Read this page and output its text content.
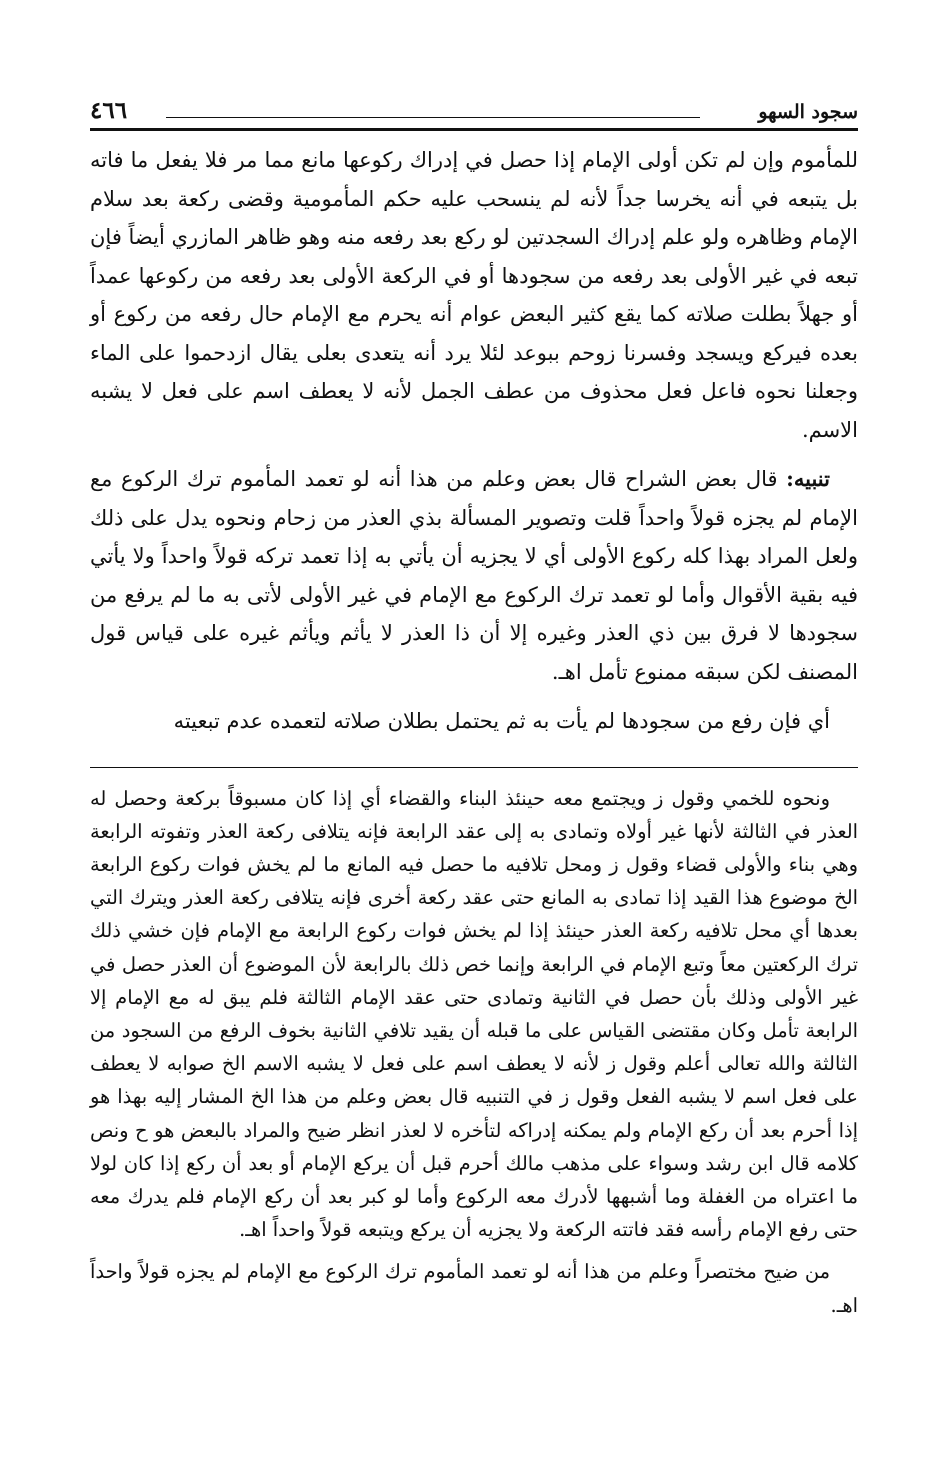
سجود السهو
٤٦٦

للمأموم وإن لم تكن أولى الإمام إذا حصل في إدراك ركوعها مانع مما مر فلا يفعل ما فاته بل يتبعه في أنه يخرسا جداً لأنه لم ينسحب عليه حكم المأمومية وقضى ركعة بعد سلام الإمام وظاهره ولو علم إدراك السجدتين لو ركع بعد رفعه منه وهو ظاهر المازري أيضاً فإن تبعه في غير الأولى بعد رفعه من سجودها أو في الركعة الأولى بعد رفعه من ركوعها عمداً أو جهلاً بطلت صلاته كما يقع كثير البعض عوام أنه يحرم مع الإمام حال رفعه من ركوع أو بعده فيركع ويسجد وفسرنا زوحم ببوعد لئلا يرد أنه يتعدى بعلى يقال ازدحموا على الماء وجعلنا نحوه فاعل فعل محذوف من عطف الجمل لأنه لا يعطف اسم على فعل لا يشبه الاسم.

تنبيه: قال بعض الشراح قال بعض وعلم من هذا أنه لو تعمد المأموم ترك الركوع مع الإمام لم يجزه قولاً واحداً قلت وتصوير المسألة بذي العذر من زحام ونحوه يدل على ذلك ولعل المراد بهذا كله ركوع الأولى أي لا يجزيه أن يأتي به إذا تعمد تركه قولاً واحداً ولا يأتي فيه بقية الأقوال وأما لو تعمد ترك الركوع مع الإمام في غير الأولى لأتى به ما لم يرفع من سجودها لا فرق بين ذي العذر وغيره إلا أن ذا العذر لا يأثم ويأثم غيره على قياس قول المصنف لكن سبقه ممنوع تأمل اهـ.

أي فإن رفع من سجودها لم يأت به ثم يحتمل بطلان صلاته لتعمده عدم تبعيته

ونحوه للخمي وقول ز ويجتمع معه حينئذ البناء والقضاء أي إذا كان مسبوقاً بركعة وحصل له العذر في الثالثة لأنها غير أولاه وتمادى به إلى عقد الرابعة فإنه يتلافى ركعة العذر وتفوته الرابعة وهي بناء والأولى قضاء وقول ز ومحل تلافيه ما حصل فيه المانع ما لم يخش فوات ركوع الرابعة الخ موضوع هذا القيد إذا تمادى به المانع حتى عقد ركعة أخرى فإنه يتلافى ركعة العذر ويترك التي بعدها أي محل تلافيه ركعة العذر حينئذ إذا لم يخش فوات ركوع الرابعة مع الإمام فإن خشي ذلك ترك الركعتين معاً وتبع الإمام في الرابعة وإنما خص ذلك بالرابعة لأن الموضوع أن العذر حصل في غير الأولى وذلك بأن حصل في الثانية وتمادى حتى عقد الإمام الثالثة فلم يبق له مع الإمام إلا الرابعة تأمل وكان مقتضى القياس على ما قبله أن يقيد تلافي الثانية بخوف الرفع من السجود من الثالثة والله تعالى أعلم وقول ز لأنه لا يعطف اسم على فعل لا يشبه الاسم الخ صوابه لا يعطف على فعل اسم لا يشبه الفعل وقول ز في التنبيه قال بعض وعلم من هذا الخ المشار إليه بهذا هو إذا أحرم بعد أن ركع الإمام ولم يمكنه إدراكه لتأخره لا لعذر انظر ضيح والمراد بالبعض هو ح ونص كلامه قال ابن رشد وسواء على مذهب مالك أحرم قبل أن يركع الإمام أو بعد أن ركع إذا كان لولا ما اعتراه من الغفلة وما أشبهها لأدرك معه الركوع وأما لو كبر بعد أن ركع الإمام فلم يدرك معه حتى رفع الإمام رأسه فقد فاتته الركعة ولا يجزيه أن يركع ويتبعه قولاً واحداً اهـ.

من ضيح مختصراً وعلم من هذا أنه لو تعمد المأموم ترك الركوع مع الإمام لم يجزه قولاً واحداً اهـ.
